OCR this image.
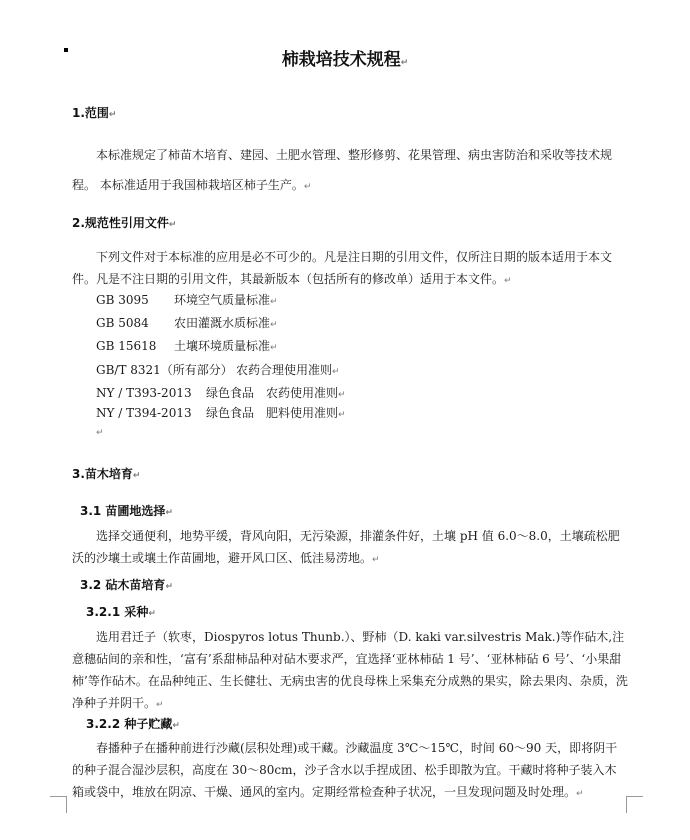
柿栽培技术规程↵
1.范围↵
本标准规定了柿苗木培育、建园、土肥水管理、整形修剪、花果管理、病虫害防治和采收等技术规程。 本标准适用于我国柿栽培区柿子生产。↵
2.规范性引用文件↵
下列文件对于本标准的应用是必不可少的。凡是注日期的引用文件，仅所注日期的版本适用于本文件。凡是不注日期的引用文件，其最新版本（包括所有的修改单）适用于本文件。↵
GB 3095 环境空气质量标准↵
GB 5084 农田灌溉水质标准↵
GB 15618 土壤环境质量标准↵
GB/T 8321（所有部分） 农药合理使用准则↵
NY / T393-2013 绿色食品　农药使用准则↵
NY / T394-2013 绿色食品　肥料使用准则↵
↵
3.苗木培育↵
3.1 苗圃地选择↵
选择交通便利，地势平缓，背风向阳，无污染源，排灌条件好，土壤 pH 值 6.0～8.0，土壤疏松肥沃的沙壤土或壤土作苗圃地，避开风口区、低洼易涝地。↵
3.2 砧木苗培育↵
3.2.1 采种↵
选用君迁子（软枣，Diospyros lotus Thunb.）、野柿（D. kaki var.silvestris Mak.)等作砧木,注意穗砧间的亲和性，‘富有’系甜柿品种对砧木要求严，宜选择‘亚林柿砧 1 号’、‘亚林柿砧 6 号’、‘小果甜柿’等作砧木。在品种纯正、生长健壮、无病虫害的优良母株上采集充分成熟的果实，除去果肉、杂质，洗净种子并阴干。↵
3.2.2 种子贮藏↵
春播种子在播种前进行沙藏(层积处理)或干藏。沙藏温度 3℃～15℃，时间 60～90 天，即将阴干的种子混合湿沙层积，高度在 30～80cm，沙子含水以手捏成团、松手即散为宜。干藏时将种子装入木箱或袋中，堆放在阴凉、干燥、通风的室内。定期经常检查种子状况，一旦发现问题及时处理。↵
